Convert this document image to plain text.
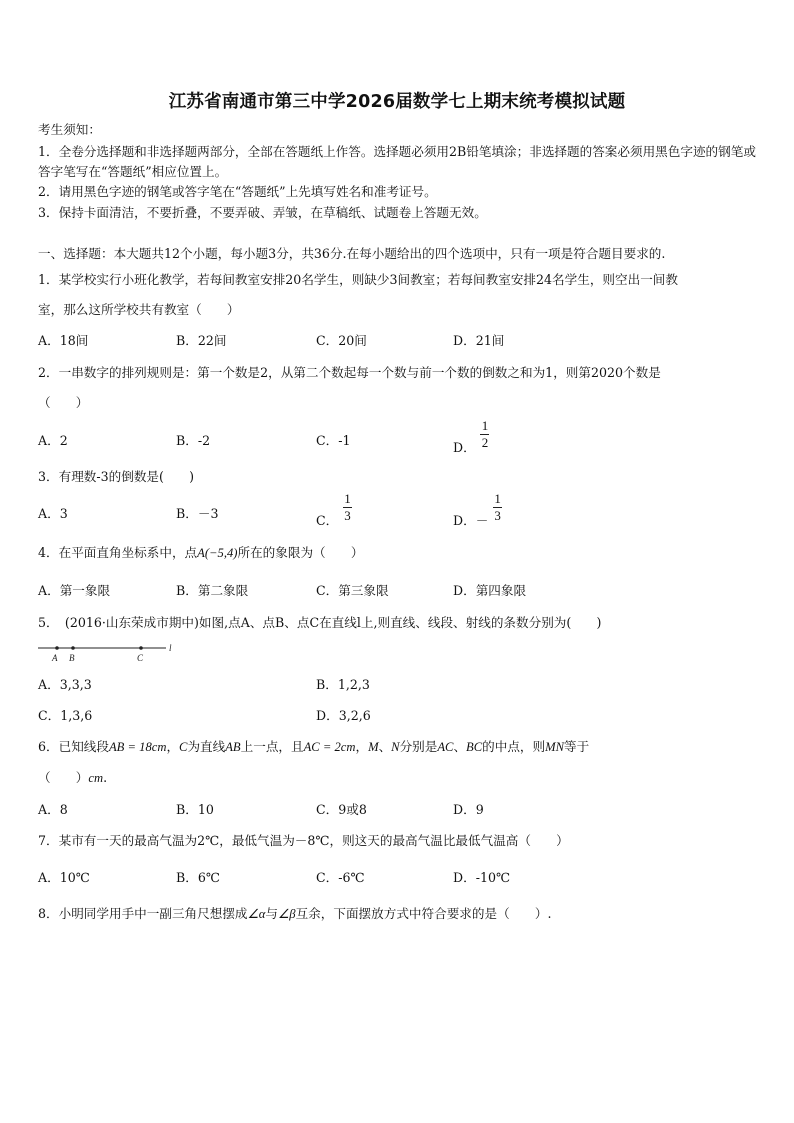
江苏省南通市第三中学2026届数学七上期末统考模拟试题
考生须知：
1．全卷分选择题和非选择题两部分，全部在答题纸上作答。选择题必须用2B铅笔填涂；非选择题的答案必须用黑色字迹的钢笔或答字笔写在“答题纸”相应位置上。
2．请用黑色字迹的钢笔或答字笔在“答题纸”上先填写姓名和准考证号。
3．保持卡面清洁，不要折叠，不要弄破、弄皱，在草稿纸、试题卷上答题无效。
一、选择题：本大题共12个小题，每小题3分，共36分.在每小题给出的四个选项中，只有一项是符合题目要求的.
1．某学校实行小班化教学，若每间教室安排20名学生，则缺少3间教室；若每间教室安排24名学生，则空出一间教
室，那么这所学校共有教室（　　）
A．18间	B．22间	C．20间	D．21间
2．一串数字的排列规则是：第一个数是2，从第二个数起每一个数与前一个数的倒数之和为1，则第2020个数是
（　　）
A．2	B．-2	C．-1	D． $\frac{1}{2}$
3．有理数-3的倒数是(　　)
A．3	B．－3	C． $\frac{1}{3}$	D．－ $\frac{1}{3}$
4．在平面直角坐标系中，点A(−5,4)所在的象限为（　　）
A．第一象限	B．第二象限	C．第三象限	D．第四象限
5．　(2016·山东荣成市期中)如图,点A、点B、点C在直线l上,则直线、线段、射线的条数分别为(　　)
A B	C
l
A．3,3,3	B．1,2,3
C．1,3,6	D．3,2,6
6．已知线段AB = 18cm，C为直线AB上一点，且AC = 2cm，M、N分别是AC、BC的中点，则MN等于
（　　）cm.
A．8	B．10	C．9或8	D．9
7．某市有一天的最高气温为2℃，最低气温为－8℃，则这天的最高气温比最低气温高（　　）
A．10℃	B．6℃	C．-6℃	D．-10℃
8．小明同学用手中一副三角尺想摆成∠α与∠β互余，下面摆放方式中符合要求的是（　　）.
